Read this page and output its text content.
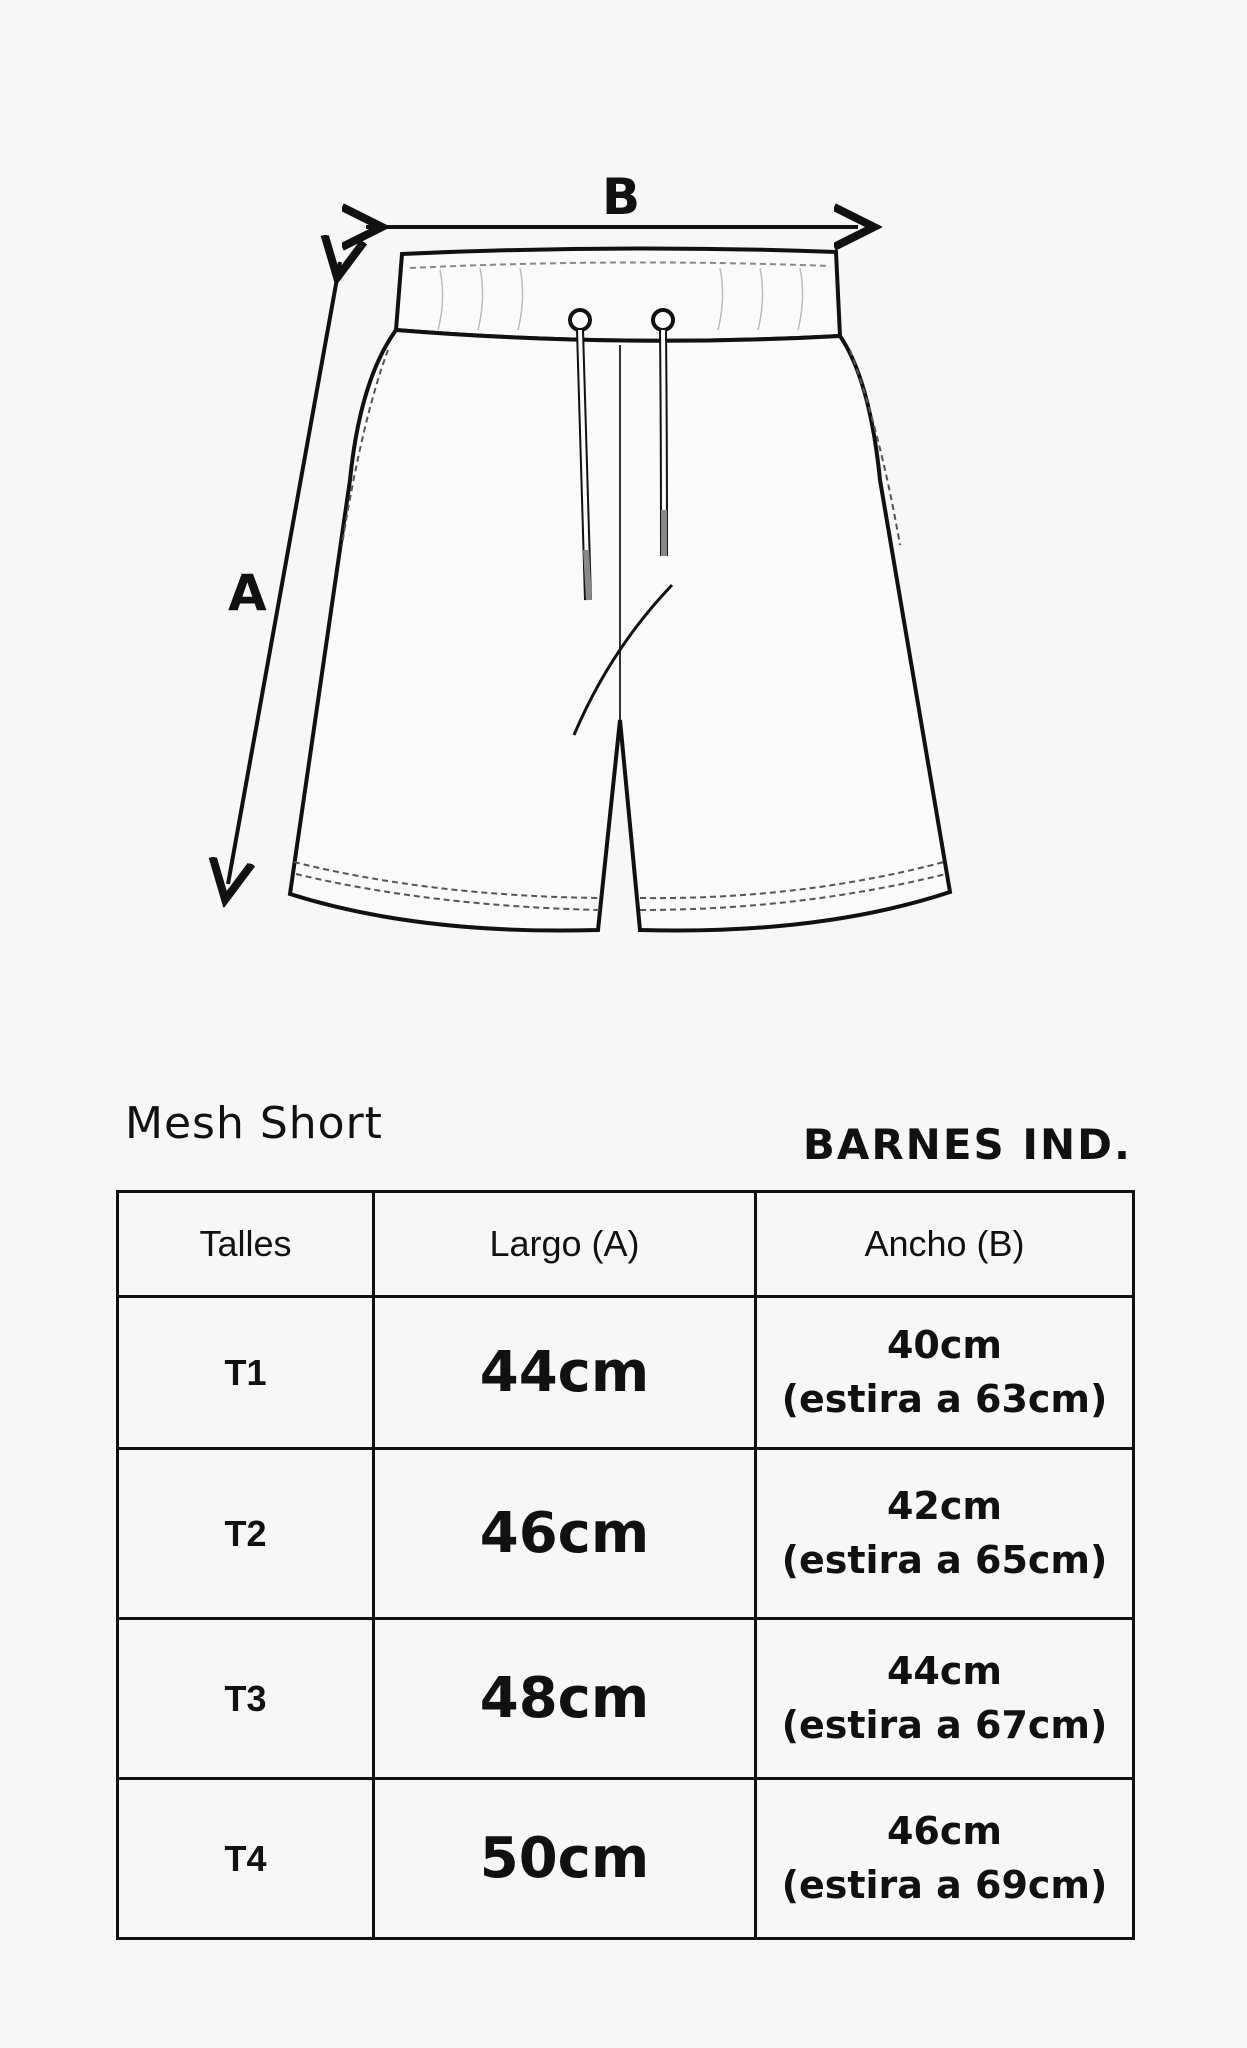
B
A
Mesh Short	BARNES IND.
Talles	Largo (A)	Ancho (B)
T1	44cm	40cm
(estira a 63cm)

T2	46cm	42cm
(estira a 65cm)

T3	48cm	44cm
(estira a 67cm)

T4	50cm	46cm
(estira a 69cm)
